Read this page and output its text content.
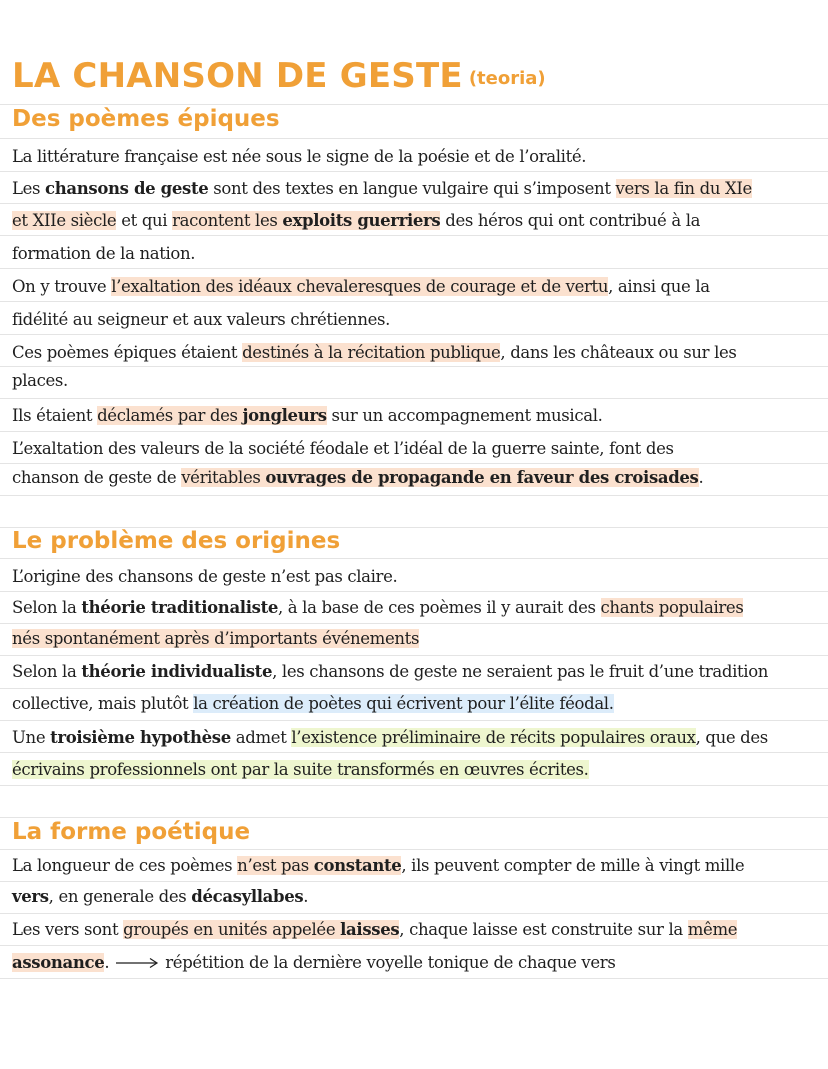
LA CHANSON DE GESTE (teoria)
Des poèmes épiques
La littérature française est née sous le signe de la poésie et de l’oralité.
Les chansons de geste sont des textes en langue vulgaire qui s’imposent vers la fin du XIe
et XIIe siècle et qui racontent les exploits guerriers des héros qui ont contribué à la
formation de la nation.
On y trouve l’exaltation des idéaux chevaleresques de courage et de vertu, ainsi que la
fidélité au seigneur et aux valeurs chrétiennes.
Ces poèmes épiques étaient destinés à la récitation publique, dans les châteaux ou sur les
places.
Ils étaient déclamés par des jongleurs sur un accompagnement musical.
L’exaltation des valeurs de la société féodale et l’idéal de la guerre sainte, font des
chanson de geste de véritables ouvrages de propagande en faveur des croisades.
Le problème des origines
L’origine des chansons de geste n’est pas claire.
Selon la théorie traditionaliste, à la base de ces poèmes il y aurait des chants populaires
nés spontanément après d’importants événements
Selon la théorie individualiste, les chansons de geste ne seraient pas le fruit d’une tradition
collective, mais plutôt la création de poètes qui écrivent pour l’élite féodal.
Une troisième hypothèse admet l’existence préliminaire de récits populaires oraux, que des
écrivains professionnels ont par la suite transformés en œuvres écrites.
La forme poétique
La longueur de ces poèmes n’est pas constante, ils peuvent compter de mille à vingt mille
vers, en generale des décasyllabes.
Les vers sont groupés en unités appelée laisses, chaque laisse est construite sur la même
assonance.	répétition de la dernière voyelle tonique de chaque vers
